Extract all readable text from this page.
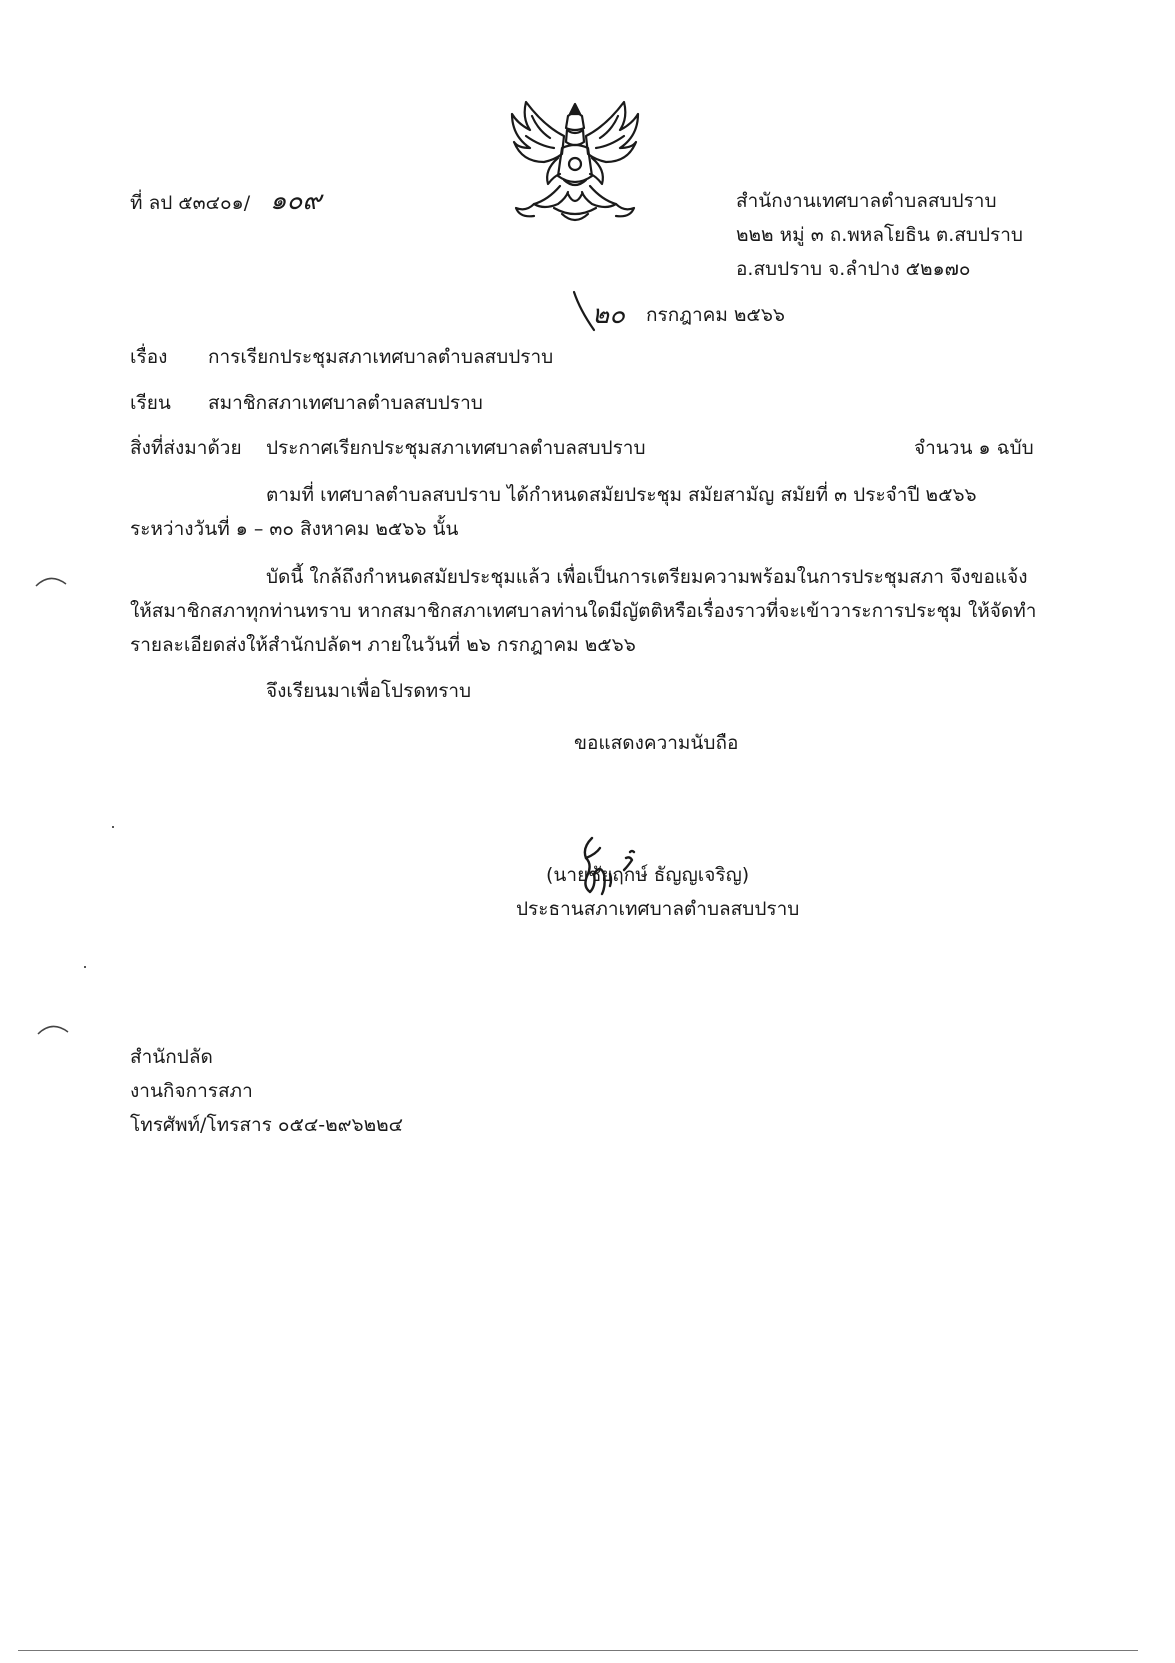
ที่ ลป ๕๓๔๐๑/ ๑๐๙	สำนักงานเทศบาลตำบลสบปราบ
๒๒๒ หมู่ ๓ ถ.พหลโยธิน ต.สบปราบ
อ.สบปราบ จ.ลำปาง ๕๒๑๗๐
๒๐ กรกฎาคม ๒๕๖๖
เรื่อง การเรียกประชุมสภาเทศบาลตำบลสบปราบ
เรียน สมาชิกสภาเทศบาลตำบลสบปราบ
สิ่งที่ส่งมาด้วย ประกาศเรียกประชุมสภาเทศบาลตำบลสบปราบ	จำนวน ๑ ฉบับ
ตามที่ เทศบาลตำบลสบปราบ ได้กำหนดสมัยประชุม สมัยสามัญ สมัยที่ ๓ ประจำปี ๒๕๖๖
ระหว่างวันที่ ๑ – ๓๐ สิงหาคม ๒๕๖๖ นั้น
บัดนี้ ใกล้ถึงกำหนดสมัยประชุมแล้ว เพื่อเป็นการเตรียมความพร้อมในการประชุมสภา จึงขอแจ้ง
ให้สมาชิกสภาทุกท่านทราบ หากสมาชิกสภาเทศบาลท่านใดมีญัตติหรือเรื่องราวที่จะเข้าวาระการประชุม ให้จัดทำ
รายละเอียดส่งให้สำนักปลัดฯ ภายในวันที่ ๒๖ กรกฎาคม ๒๕๖๖
จึงเรียนมาเพื่อโปรดทราบ
ขอแสดงความนับถือ
(นายชัยฤกษ์ ธัญญเจริญ)
ประธานสภาเทศบาลตำบลสบปราบ
สำนักปลัด
งานกิจการสภา
โทรศัพท์/โทรสาร ๐๕๔-๒๙๖๒๒๔
